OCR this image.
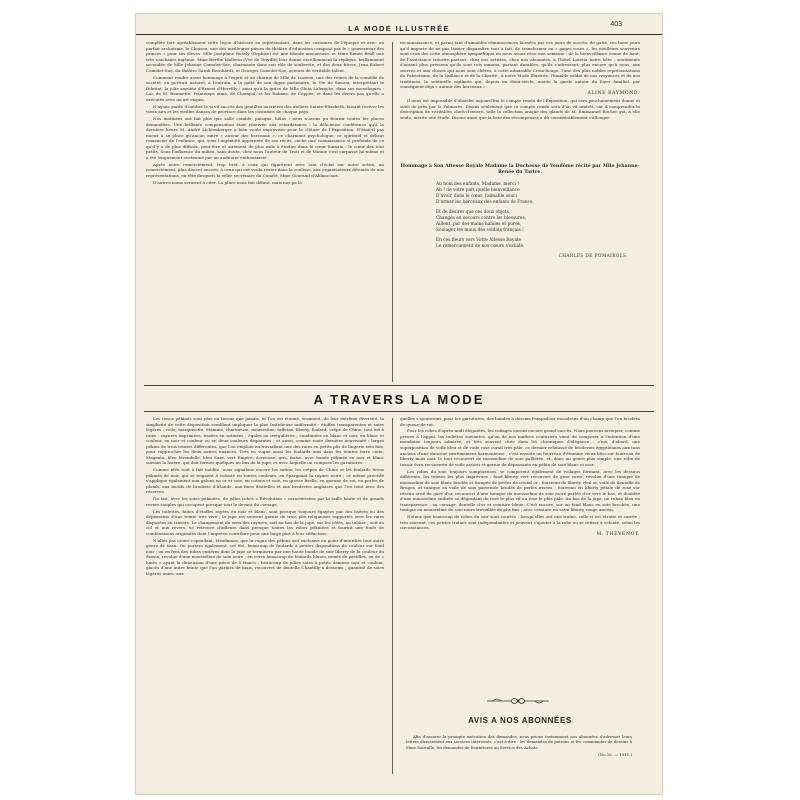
LA MODE ILLUSTRÉE	403

complète fort agréablement cette leçon d'histoire en représentant, dans les costumes de l'époque et avec un parfait archaïsme, le Choiseu, une des meilleures pièces du théâtre d'éducation composé par le « gouverneur des princes » pour ses élèves. Mlle Joséphine Rosely (Orphise) est une blonde amoureuse, et Mme Renée Brüll une très touchante ingénue. Mme Berthe Mallerio (Vve de Terville) leur donne excellemment la réplique, brillamment secondée de Mlle Jehanne Comolet-Sue, charmante dans son rôle de soubrette, et des deux frères, Jean Robert Comolet-Sue, du théâtre Sarah-Bernhardt, et Georges Comolet-Sue, acteurs de véritable talent.

Comment rendre assez hommage à l'esprit et au charme de Mlle de Luzeste, une des reines de la comédie de société, au portrait naturel, à l'entrain, à la gaîté de son digne partenaire, le Vte de Simoni, interprétant le Dilettat, la jolie saynète d'Ernest d'Hervilly ! ainsi qu'à la grâce de Mlle Ghita Lalemche, dans ses monologues : Lui, de M. Baumette, Printemps aimé, de Champol, et les Rubans, de Coppée, et dans les divers pas qu'elle a exécutés avec un art exquis.

N'ayons garde d'oublier le si vif succès des gentilles ouvrières des ateliers Sainte-Elisabeth, faisant revivre les vieux airs et les vieilles danses de province dans les costumes de chaque pays.

Nos matinées ont fait plus que salle comble, puisque, hélas ! nous n'avons pu fournir toutes les places demandées. Une brillante compensation était réservée aux retardataires : la délicieuse conférence qu'à la dernière heure M. André Lichtenberger a bien voulu improviser pour la clôture de l'Exposition. N'était-il pas mieux à sa place qu'aucun autre « autour des berceaux », ce charmant psychologue, ce spirituel et délicat romancier de l'enfance, qui, sous l'ingénuité apparente de ses récits, cache une connaissance si profonde de ce qu'il y a de plus difficile, peut-être et airement de plus utile à étudier dans le cœur humain : le cœur des tout petits. Sous l'influence du milieu, sans doute, chez nous l'auteur de Trott et de Minnie s'est surpassé lui-même et a été longuement ovationné par un auditoire enthousiaste.

Après notre remerciement, trop bref, à ceux qui figurèrent avec tant d'éclat sur notre scène, un remerciement, plus discret encore, à ceux qui ont voulu rester dans la coulisse, aux organisateurs dévoués de nos représentations, en tête desquels la zélée secrétaire du Comité, Mme Gourand d'Ablancourt.

D'autres noms seraient à citer. La place nous fait défaut, mais nos pa la

reconnaissance, et parmi tant d'aimables réminiscences laissées par ces jours de succès, de gaîté, ces bons jours qu'il importe de ne pas laisser disparaître tout à fait, de transformer en « pages roses », les meilleurs souvenirs sont ceux des cette atmosphère sympathique en nous avons vécu une semaine : de la bienveillance venue de haut, de l'assistance trouvée partout, chez nos artistes, chez nos abonnées, à l'hôtel Lutetia notre hôte ; sentiments d'autant plus précieux qu'ils sont rois mmuns, partant durables, qu'ils s'adressent, plus encore qu'à nous, aux œuvres et aux choses qui nous sont chères, à cette admirable Croix-Rouge, l'une des plus nobles représentations du Patriotisme, de la Vaillance et de la Charité ; à notre Mode Illustrée, l'humble soldat de nos croyances et de nos traditions, la sentinelle vigilante qui, depuis un demi-siècle, monte la garde autour du foyer familial, par conséquent déjà « autour des berceaux ».

ALINE RAYMOND.

Il nous est impossible d'aborder aujourd'hui le compte rendu de l'Exposition, qui sera prochainement donné et suivi de près par le Palmarès. Disons seulement que ce compte rendu sera d'un vif intérêt, car il comprendra la description de véritables chefs-d'œuvre, telle la collection unique des glands de M. Emmanuel Rocher qui, à elle seule, mérite une étude. Disons aussi que la liste des récompenses a dû considérablement s'allonger.

Hommage à Son Altesse Royale Madame la Duchesse de Vendôme récité par Mlle Jehanne-Renée du Tartre.
Au nom des enfants, Madame, merci !
Ah ! de votre part quelle bienveillance
D'avoir, dans le cœur, l'aimable souci
D'armer les berceaux des enfants de France,
Et de désirer que ces doux objets,
Changés en secours contre les blessures,
Aillent, par des mains habiles et pures,
Soulager les maux des soldats français !
En ces fleurs vers Votre Altesse Royale
Le remerciement de nos cœurs s'exhale.
CHARLES DE POMAIROLS.
A TRAVERS LA MODE

Les tissus pékinés sont plus en faveur que jamais, et l'on est étonné, vraiment, de leur extrême diversité, la simplicité de cette disposition semblant impliquer la plus fastidieuse uniformité : étoffes transparentes et soies légères : voile, marquisette, étamine, charmeuse, mousseline, taffetas, liberty, foulard, crêpe de Chine, tout est à raies : rayures imprimées, tissées en satinées ; égales ou irrégulières ; combinées en blanc et noir, en blanc et couleur, en noir et couleur ou en deux couleurs disparates ; et aussi, comme toute dernière nouveauté : larges pékins de trois teintes différentes, que l'on emploie en travaillant une des raies en petits plis de lingerie très fins, pour rapprocher les deux autres nuances. Très en vogue aussi les foulards unis dans les teintes terre cuite, Magenta, bleu hirondelle, bleu Saxe, vert Empire, écrevisse, gris, fraise, avec bande pékinée en noir et blanc suivant la lisière, qui doit former quelques au bas de la jupe, et avec laquelle on compose les garnitures.

Comme idée tout à fait inédite, nous signalons encore les satins, les crêpes de Chine et les foulards écrus pékinés de noir, qui se teignent à volonté en toutes couleurs, en épargnant la rayure noire ; ce même procédé s'applique également aux galons en or et soie, en cotons et soie, en grosse fiselle, en quenne de rat, en perles de plomb, aux motifs de broderie d'Irlande, aux fines dentelles et aux broderies anglaises que l'on teint avec des réserves.

On fait, avec les soies pékinées, de jolies robes « Révolution » caractérisées par la taille haute et de grands revers souples qui occupent presque tout le devant du corsage.

Les toilettes, faites d'étoffes rayées en noir et blanc, sont presque toujours égayées par des lisérés ou des dépassants d'une teinte très vive ; la jupe est souvent garnie de trois plis religieuses rapportés avec les raies disposées en travers. Le changement du sens des rayures, soit au bas de la jupe, sur les côtés, au tablier ; soit au col et aux revers, se retrouve d'ailleurs dans presque toutes les robes pékinées et fournit une foule de combinaisons originales dont l'imprévu contribue pour une large part à leur séduction.

N'allez pas croire cependant, Mesdames, que la vogue des pékins soit exclusive en point d'interdire tout autre genre de tissu. On portera également, cet été, beaucoup de foulards à petites dispositions de couleur sur fond noir ; on en fera des robes entières dont la jupe se terminera par une haute bande de soie liberty de la couleur du dessin, revolue d'une mousseline de soie noire ; en verra beaucoup de foulards blancs semés de pastilles, ou de « lunes » ayant la dimension d'une pièce de 5 francs ; beaucoup de jolies soies à petits damiers noir et couleur, glacés d'une autre teinte que l'on garnira de biais, recouvert de dentelle Chantilly à desseins ; quantité de soies légères unies, aux

quelles s'ajouteront, pour les garnitures, des bandes à dessins Pompadour encadrées d'un champ que l'on brodera de queue-de-rat.

Pour les robes d'après-midi élégantes, les voilages auront encore grand succès. Nous pouvons invoquer, comme preuve à l'appui, les toilettes suivantes, qu'un de nos maîtres couturiers vient de composer à l'intention d'une mondaine toujours admirée, et très souvent citée dans les chroniques d'élégance : c'est, d'abord, une superposition de voile bleu et de voile rose corail très pâle, ce dernier rehaussé de broderies égyptiennes aux tons anciens d'une douceur extrêmement harmonieuse ; c'est ensuite un fourreau d'étamine vieux bleu sur fourreau de liberty mais noir, le tout recouvert de mousseline de soie pailletée, et, dans un genre plus simple, une robe de tussor écru recouverte de voile assorti et garnie de dépassants en pékin de soie blanc et noir.

Les robes du soir, toujours somptueuses, se composent également de voilages formant, avec les dessous différents, les teintes les plus imprévues : fond liberty vert recouvert de gaze verte, revolue d'une tunique de mousseline de soie blanc brodée et frangée de perles de cristal or ; fourreau de liberty vieil or, voilé de dentelle de Bruges, et tunique en voile de soie parsemée brodés de perles irisées ; fourreau en liberty pétale de rose sur réseau orné de gaze d'or, recouvert d'une tunique de mousseline de soie noire perlée d'or vers le bas, et doublée d'une mousseline ombrée se dégradant du rose le plus vif au rose le plus pâle. Au bas de la jupe, un ruban bleu en transparence ; au corsage, dentelle d'or et ceinture bleue. C'est encore, sur un fond blanc en soie brochée, une tunique en mousseline de soie noire travaillée de plis fins ; avec ceinture en satin liberty rouge ancien.

Notons que beaucoup de robes du soir sont courtes ; lorsqu'elles ont une traîne, celle-ci est étroite et carrée ; très souvent, ces petites traînes sont indépendantes et peuvent s'ajouter à la robe ou se retirer à volonté, selon les circonstances.

M. THEVENOT.

AVIS A NOS ABONNÉES

Afin d'assurer la prompte exécution des demandes, nous prions instamment nos abonnées d'adresser leurs lettres directement aux services intéressés, c'est-à-dire : les demandes de patrons et les commandes de dessins à Mme Sauvalle, les demandes de fournitures au Service des Achats.

(No 26. — 1911.)
